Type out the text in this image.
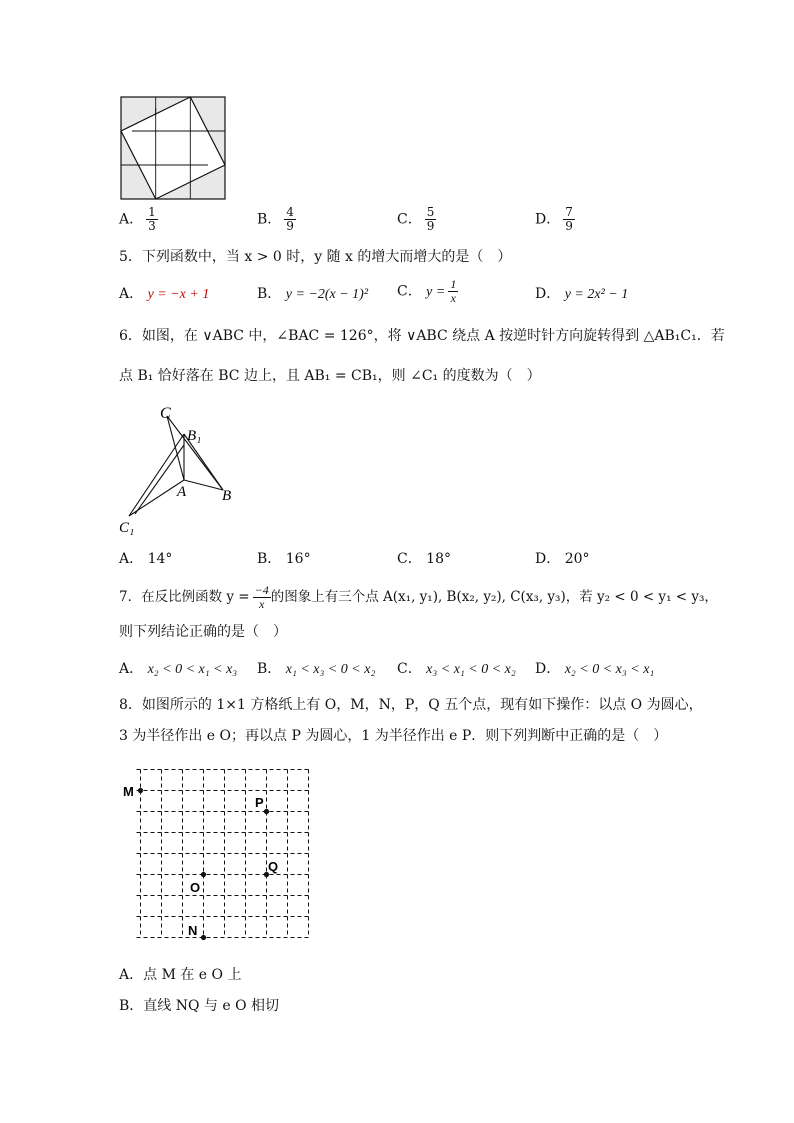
A． $\frac{1}{3}$	B． $\frac{4}{9}$	C． $\frac{5}{9}$	D． $\frac{7}{9}$
5．下列函数中，当 x > 0 时，y 随 x 的增大而增大的是（　）
A． y = −x + 1	B． y = −2(x − 1)² C． $y = \frac{1}{x}$	D． y = 2x² − 1
6．如图，在 ∨ABC 中，∠BAC = 126°，将 ∨ABC 绕点 A 按逆时针方向旋转得到 △AB₁C₁．若
点 B₁ 恰好落在 BC 边上，且 AB₁ = CB₁，则 ∠C₁ 的度数为（　）
C
B₁
A B
C₁
A． 14°	B． 16°	C． 18°	D． 20°
7．在反比例函数 $y = \frac{-4}{x}$ 的图象上有三个点 A(x₁, y₁), B(x₂, y₂), C(x₃, y₃)，若 y₂ < 0 < y₁ < y₃，
则下列结论正确的是（　）
A． x₂ < 0 < x₁ < x₃ B． x₁ < x₃ < 0 < x₂ C． x₃ < x₁ < 0 < x₂ D． x₂ < 0 < x₃ < x₁
8．如图所示的 1×1 方格纸上有 O，M，N，P，Q 五个点，现有如下操作：以点 O 为圆心，
3 为半径作出 e O；再以点 P 为圆心，1 为半径作出 e P．则下列判断中正确的是（　）
M
P
Q
O
N
A．点 M 在 e O 上
B．直线 NQ 与 e O 相切
